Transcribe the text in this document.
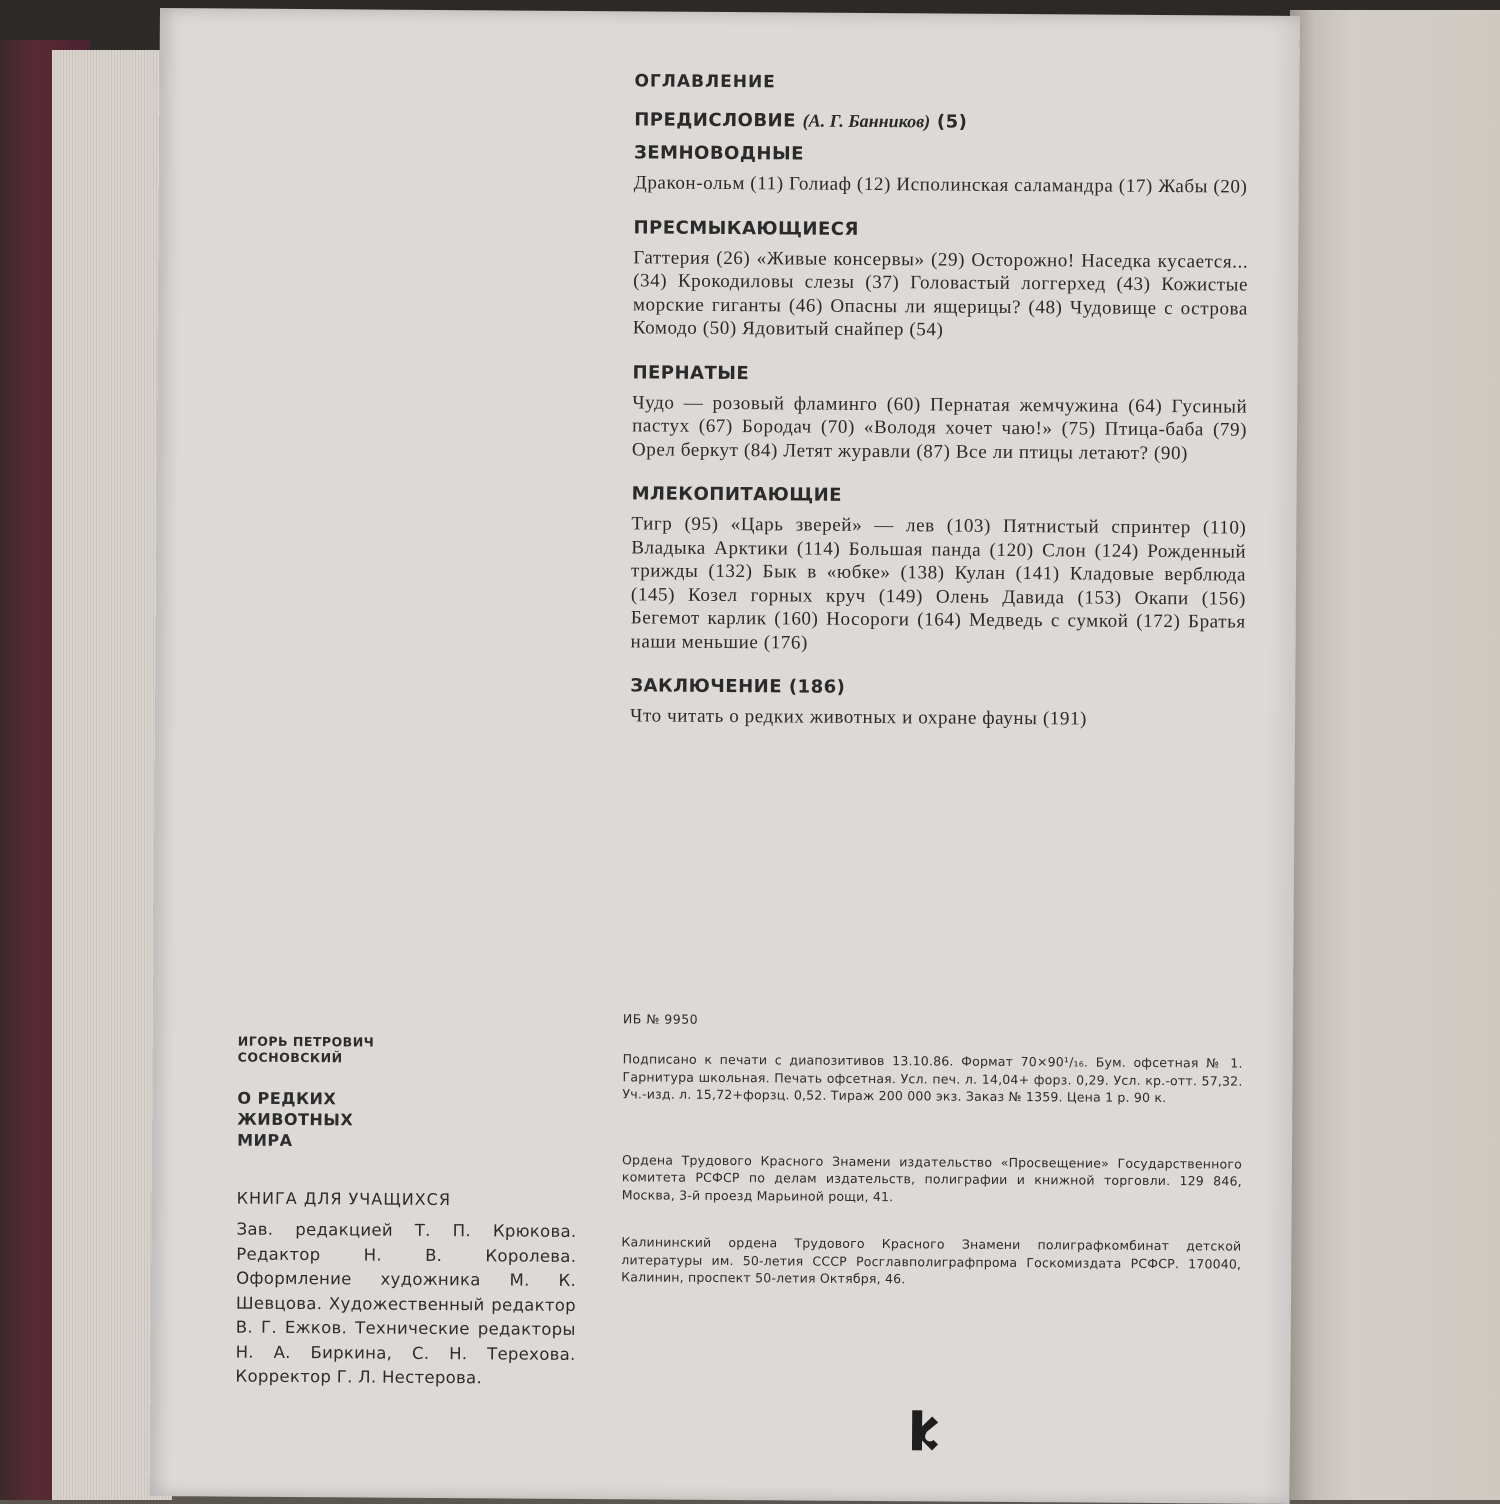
ОГЛАВЛЕНИЕ
ПРЕДИСЛОВИЕ (А. Г. Банников) (5)
ЗЕМНОВОДНЫЕ
Дракон-ольм (11) Голиаф (12) Исполинская саламандра (17) Жабы (20)
ПРЕСМЫКАЮЩИЕСЯ
Гаттерия (26) «Живые консервы» (29) Осторожно! Наседка кусается... (34) Крокодиловы слезы (37) Головастый логгерхед (43) Кожистые морские гиганты (46) Опасны ли ящерицы? (48) Чудовище с острова Комодо (50) Ядовитый снайпер (54)
ПЕРНАТЫЕ
Чудо — розовый фламинго (60) Пернатая жемчужина (64) Гусиный пастух (67) Бородач (70) «Володя хочет чаю!» (75) Птица-баба (79) Орел беркут (84) Летят журавли (87) Все ли птицы летают? (90)
МЛЕКОПИТАЮЩИЕ
Тигр (95) «Царь зверей» — лев (103) Пятнистый спринтер (110) Владыка Арктики (114) Большая панда (120) Слон (124) Рожденный трижды (132) Бык в «юбке» (138) Кулан (141) Кладовые верблюда (145) Козел горных круч (149) Олень Давида (153) Окапи (156) Бегемот карлик (160) Носороги (164) Медведь с сумкой (172) Братья наши меньшие (176)
ЗАКЛЮЧЕНИЕ (186)
Что читать о редких животных и охране фауны (191)
ИГОРЬ ПЕТРОВИЧ СОСНОВСКИЙ
О РЕДКИХ ЖИВОТНЫХ МИРА
КНИГА ДЛЯ УЧАЩИХСЯ
Зав. редакцией Т. П. Крюкова. Редактор Н. В. Королева. Оформление художника М. К. Шевцова. Художественный редактор В. Г. Ежков. Технические редакторы Н. А. Биркина, С. Н. Терехова. Корректор Г. Л. Нестерова.
ИБ № 9950
Подписано к печати с диапозитивов 13.10.86. Формат 70×90¹/₁₆. Бум. офсетная № 1. Гарнитура школьная. Печать офсетная. Усл. печ. л. 14,04+ форз. 0,29. Усл. кр.-отт. 57,32. Уч.-изд. л. 15,72+форзц. 0,52. Тираж 200 000 экз. Заказ № 1359. Цена 1 р. 90 к.
Ордена Трудового Красного Знамени издательство «Просвещение» Государственного комитета РСФСР по делам издательств, полиграфии и книжной торговли. 129 846, Москва, 3-й проезд Марьиной рощи, 41.
Калининский ордена Трудового Красного Знамени полиграфкомбинат детской литературы им. 50-летия СССР Росглавполиграфпрома Госкомиздата РСФСР. 170040, Калинин, проспект 50-летия Октября, 46.
